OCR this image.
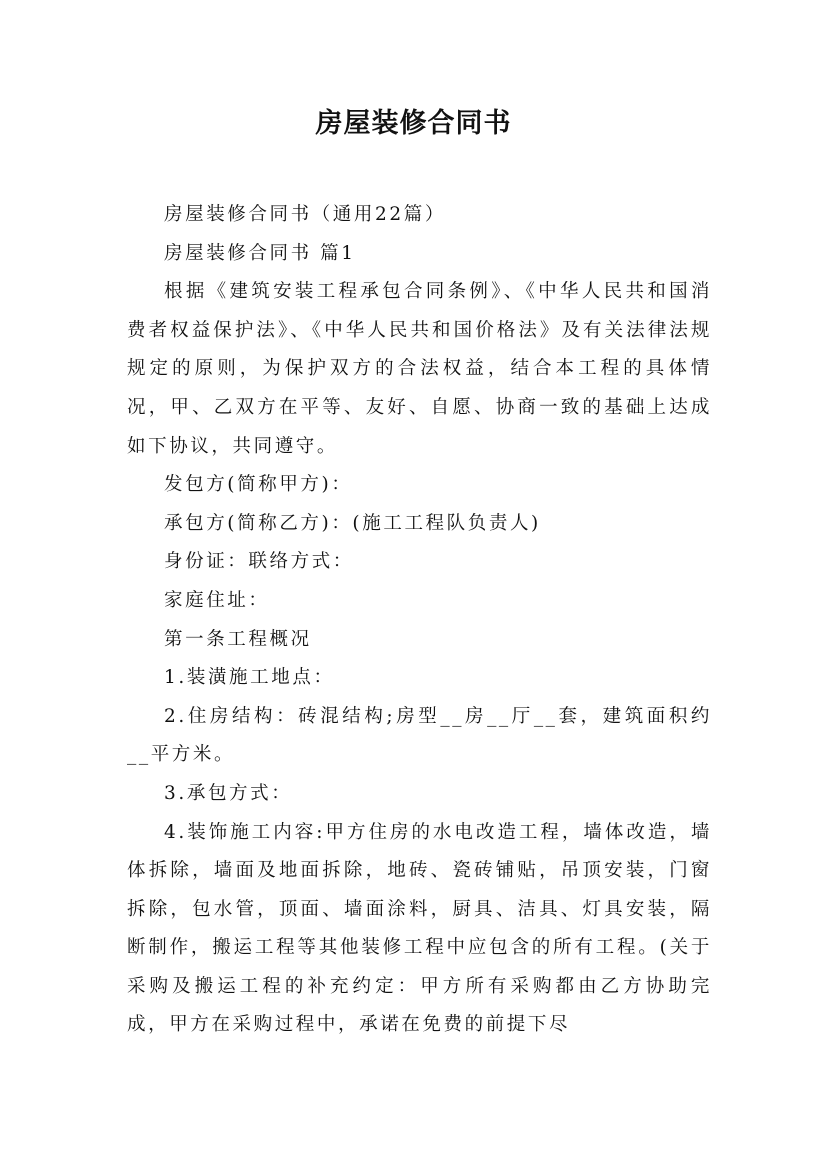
房屋装修合同书

房屋装修合同书（通用22篇）

房屋装修合同书 篇1

根据《建筑安装工程承包合同条例》、《中华人民共和国消费者权益保护法》、《中华人民共和国价格法》及有关法律法规规定的原则，为保护双方的合法权益，结合本工程的具体情况，甲、乙双方在平等、友好、自愿、协商一致的基础上达成如下协议，共同遵守。

发包方(简称甲方)：

承包方(简称乙方)：(施工工程队负责人)

身份证：联络方式：

家庭住址：

第一条工程概况

1.装潢施工地点：

2.住房结构：砖混结构;房型__房__厅__套，建筑面积约__平方米。

3.承包方式：

4.装饰施工内容:甲方住房的水电改造工程，墙体改造，墙体拆除，墙面及地面拆除，地砖、瓷砖铺贴，吊顶安装，门窗拆除，包水管，顶面、墙面涂料，厨具、洁具、灯具安装，隔断制作，搬运工程等其他装修工程中应包含的所有工程。(关于采购及搬运工程的补充约定：甲方所有采购都由乙方协助完成，甲方在采购过程中，承诺在免费的前提下尽
